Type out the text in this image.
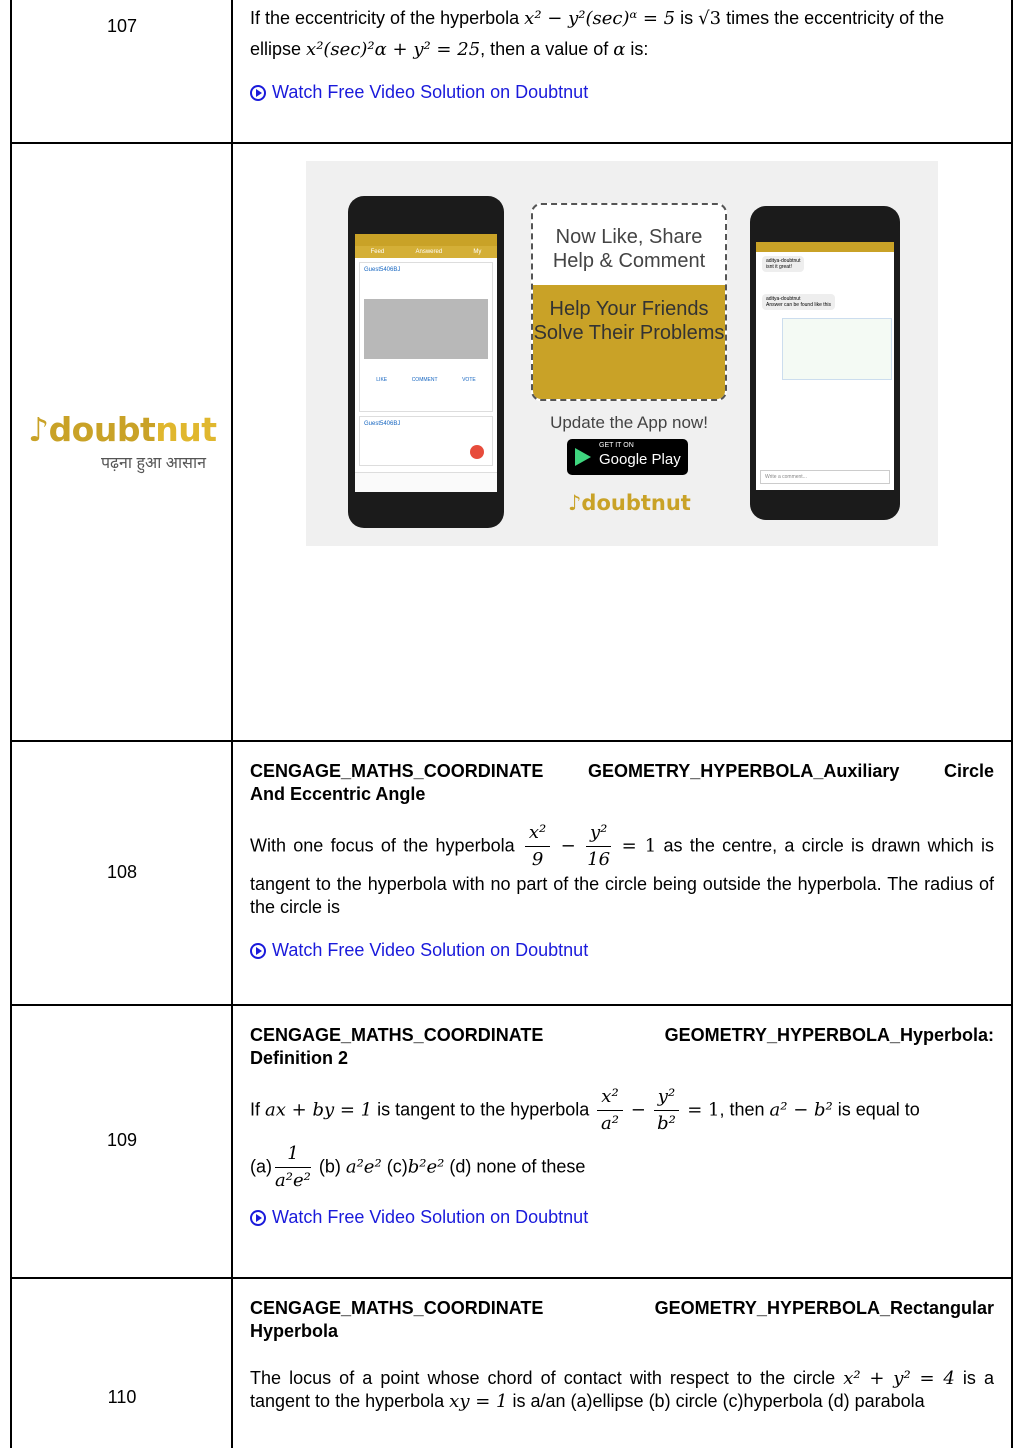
107	If the eccentricity of the hyperbola x² − y²(sec)ᵅ = 5 is √3 times the eccentricity of the ellipse x²(sec)²α + y² = 25, then a value of α is:
Watch Free Video Solution on Doubtnut
♪doubtnut
पढ़ना हुआ आसान
Feed	Answered	My
Guest5406BJ
LIKE	COMMENT	VOTE
Guest5406BJ
Now Like, Share Help & Comment
Help Your Friends Solve Their Problems
Update the App now!
GET IT ON
Google Play
♪doubtnut
aditya-doubtnut
isnt it great!
aditya-doubtnut
Answer can be found like this
Write a comment...
108
CENGAGE_MATHS_COORDINATE GEOMETRY_HYPERBOLA_Auxiliary Circle
And Eccentric Angle
With one focus of the hyperbola $\frac{\text{x²}}{9} - \frac{\text{y²}}{16} = 1$ as the centre, a circle is drawn which is tangent to the hyperbola with no part of the circle being outside the hyperbola. The radius of the circle is
Watch Free Video Solution on Doubtnut
109
CENGAGE_MATHS_COORDINATE GEOMETRY_HYPERBOLA_Hyperbola:
Definition 2
If ax + by = 1 is tangent to the hyperbola $\frac{\text{x²}}{\text{a²}} - \frac{\text{y²}}{\text{b²}} = 1$, then a² − b² is equal to
$(a) \frac{1}{\text{a²e²}} (b)$ a²e² (c)b²e² (d) none of these
Watch Free Video Solution on Doubtnut
110
CENGAGE_MATHS_COORDINATE GEOMETRY_HYPERBOLA_Rectangular
Hyperbola
The locus of a point whose chord of contact with respect to the circle x² + y² = 4 is a tangent to the hyperbola xy = 1 is a/an (a)ellipse (b) circle (c)hyperbola (d) parabola
